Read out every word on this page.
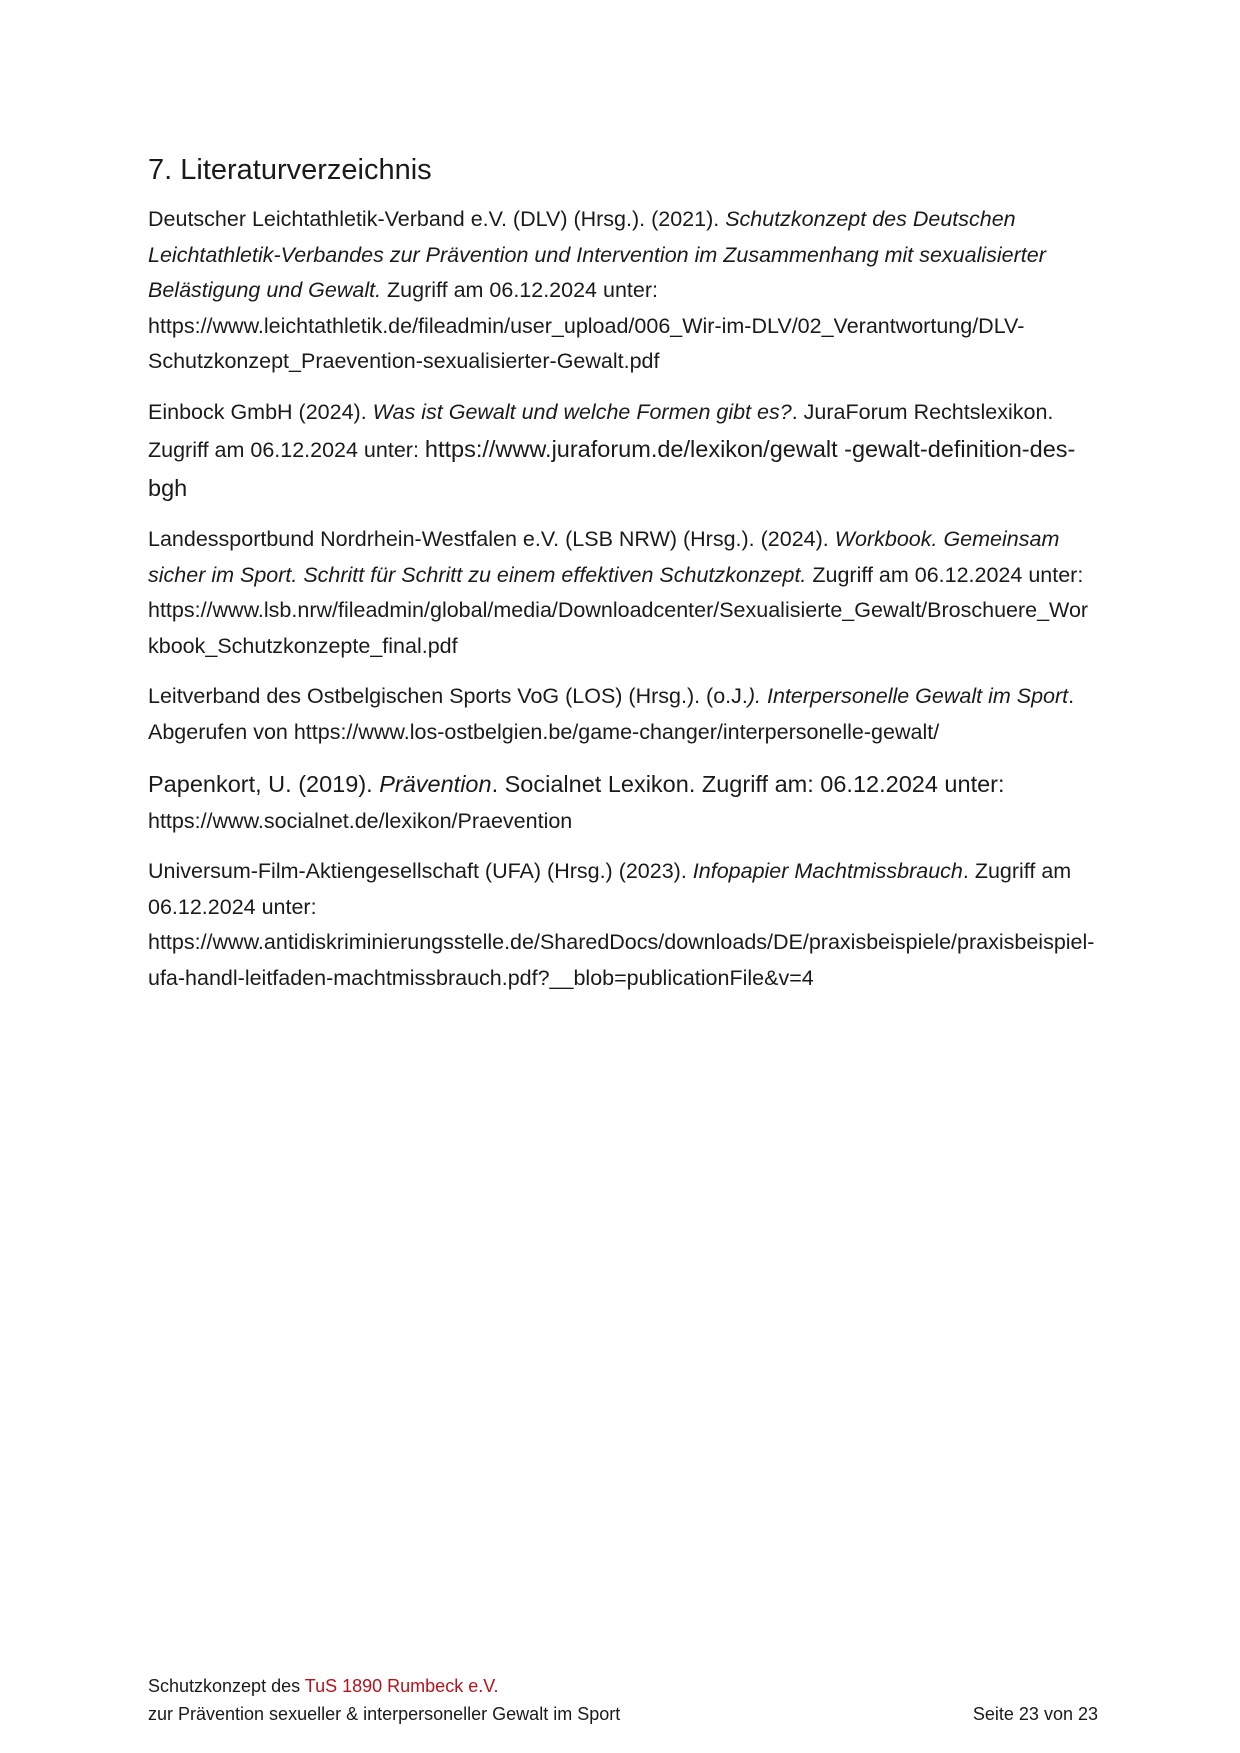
7. Literaturverzeichnis

Deutscher Leichtathletik-Verband e.V. (DLV) (Hrsg.). (2021). Schutzkonzept des Deutschen Leichtathletik-Verbandes zur Prävention und Intervention im Zusammenhang mit sexualisierter Belästigung und Gewalt. Zugriff am 06.12.2024 unter: https://www.leichtathletik.de/fileadmin/user_upload/006_Wir-im-DLV/02_Verantwortung/DLV-Schutzkonzept_Praevention-sexualisierter-Gewalt.pdf

Einbock GmbH (2024). Was ist Gewalt und welche Formen gibt es?. JuraForum Rechtslexikon. Zugriff am 06.12.2024 unter: https://www.juraforum.de/lexikon/gewalt -gewalt-definition-des-bgh

Landessportbund Nordrhein-Westfalen e.V. (LSB NRW) (Hrsg.). (2024). Workbook. Gemeinsam sicher im Sport. Schritt für Schritt zu einem effektiven Schutzkonzept. Zugriff am 06.12.2024 unter: https://www.lsb.nrw/fileadmin/global/media/Downloadcenter/Sexualisierte_Gewalt/Broschuere_Workbook_Schutzkonzepte_final.pdf

Leitverband des Ostbelgischen Sports VoG (LOS) (Hrsg.). (o.J.). Interpersonelle Gewalt im Sport. Abgerufen von https://www.los-ostbelgien.be/game-changer/interpersonelle-gewalt/

Papenkort, U. (2019). Prävention. Socialnet Lexikon. Zugriff am: 06.12.2024 unter:
https://www.socialnet.de/lexikon/Praevention

Universum-Film-Aktiengesellschaft (UFA) (Hrsg.) (2023). Infopapier Machtmissbrauch. Zugriff am 06.12.2024 unter: https://www.antidiskriminierungsstelle.de/SharedDocs/downloads/DE/praxisbeispiele/praxisbeispiel-ufa-handl-leitfaden-machtmissbrauch.pdf?__blob=publicationFile&v=4

Schutzkonzept des TuS 1890 Rumbeck e.V.
zur Prävention sexueller & interpersoneller Gewalt im Sport	Seite 23 von 23
